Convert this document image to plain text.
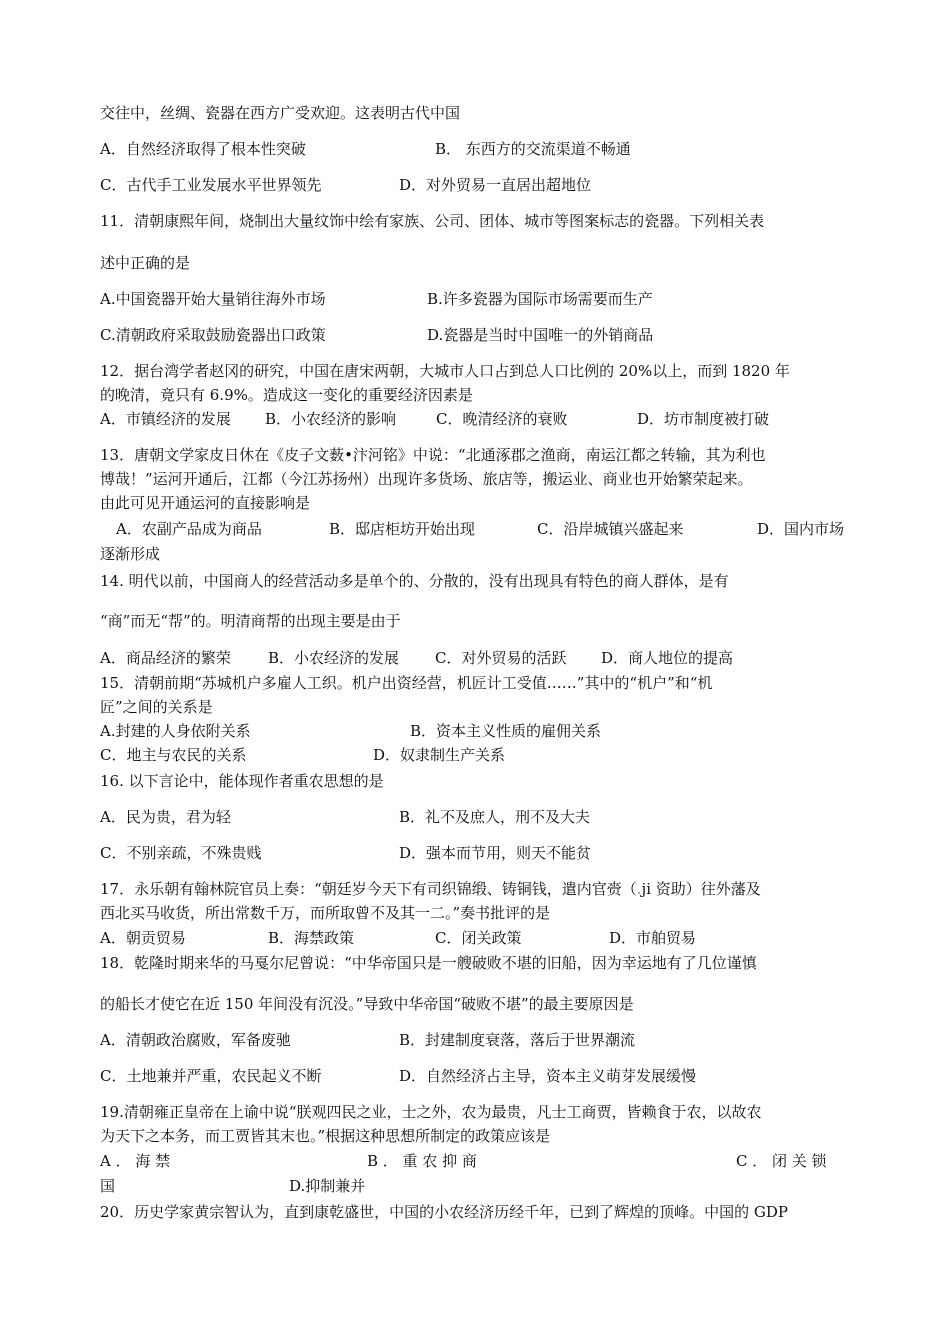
交往中，丝绸、瓷器在西方广受欢迎。这表明古代中国
A．自然经济取得了根本性突破	B． 东西方的交流渠道不畅通
C．古代手工业发展水平世界领先	D．对外贸易一直居出超地位
11．清朝康熙年间，烧制出大量纹饰中绘有家族、公司、团体、城市等图案标志的瓷器。下列相关表
述中正确的是
A.中国瓷器开始大量销往海外市场	B.许多瓷器为国际市场需要而生产
C.清朝政府采取鼓励瓷器出口政策	D.瓷器是当时中国唯一的外销商品
12．据台湾学者赵冈的研究，中国在唐宋两朝，大城市人口占到总人口比例的 20%以上，而到 1820 年
的晚清，竟只有 6.9%。造成这一变化的重要经济因素是
A．市镇经济的发展 B．小农经济的影响	C．晚清经济的衰败	D．坊市制度被打破
13．唐朝文学家皮日休在《皮子文薮•汴河铭》中说：“北通涿郡之渔商，南运江都之转输，其为利也
博哉！”运河开通后，江都（今江苏扬州）出现许多货场、旅店等，搬运业、商业也开始繁荣起来。
由此可见开通运河的直接影响是
A．农副产品成为商品	B．邸店柜坊开始出现	C．沿岸城镇兴盛起来	D．国内市场
逐渐形成
14. 明代以前，中国商人的经营活动多是单个的、分散的，没有出现具有特色的商人群体，是有
“商”而无“帮”的。明清商帮的出现主要是由于
A．商品经济的繁荣 B．小农经济的发展 C．对外贸易的活跃 D．商人地位的提高
15．清朝前期“苏城机户多雇人工织。机户出资经营，机匠计工受值……”其中的“机户”和“机
匠”之间的关系是
A.封建的人身依附关系	B．资本主义性质的雇佣关系
C．地主与农民的关系	D．奴隶制生产关系
16. 以下言论中，能体现作者重农思想的是
A．民为贵，君为轻	B．礼不及庶人，刑不及大夫
C．不别亲疏，不殊贵贱	D．强本而节用，则天不能贫
17．永乐朝有翰林院官员上奏：“朝廷岁今天下有司织锦缎、铸铜钱，遣内官赍（.ji 资助）往外藩及
西北买马收货，所出常数千万，而所取曾不及其一二。”奏书批评的是
A．朝贡贸易	B．海禁政策	C．闭关政策	D．市舶贸易
18．乾隆时期来华的马戛尔尼曾说：“中华帝国只是一艘破败不堪的旧船，因为幸运地有了几位谨慎
的船长才使它在近 150 年间没有沉没。”导致中华帝国“破败不堪”的最主要原因是
A．清朝政治腐败，军备废驰	B．封建制度衰落，落后于世界潮流
C．土地兼并严重，农民起义不断	D．自然经济占主导，资本主义萌芽发展缓慢
19.清朝雍正皇帝在上谕中说“朕观四民之业，士之外，农为最贵，凡士工商贾，皆赖食于农，以故农
为天下之本务，而工贾皆其末也。”根据这种思想所制定的政策应该是
A ． 海 禁	B ． 重 农 抑 商	C ． 闭 关 锁
国	D.抑制兼并
20．历史学家黄宗智认为，直到康乾盛世，中国的小农经济历经千年，已到了辉煌的顶峰。中国的 GDP
